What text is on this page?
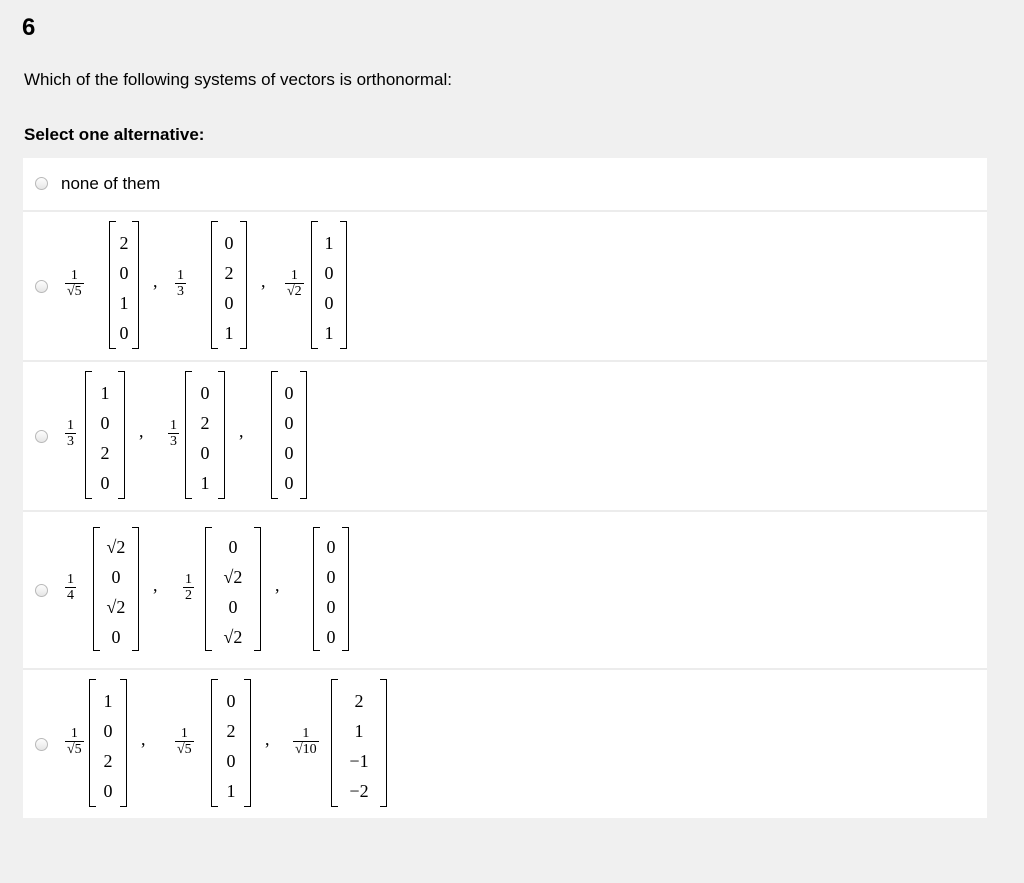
6
Which of the following systems of vectors is orthonormal:
Select one alternative:
none of them
$\frac{1}{√5}$
2
0
1
0
, $\frac{1}{3}$
0
2
0
1
, $\frac{1}{√2}$
1
0
0
1
$\frac{1}{3}$
1
0
2
0
, $\frac{1}{3}$
0
2
0
1
,
0
0
0
0
$\frac{1}{4}$
√2
0
√2
0
, $\frac{1}{2}$
0
√2
0
√2
,
0
0
0
0
$\frac{1}{√5}$
1
0
2
0
, $\frac{1}{√5}$
0
2
0
1
, $\frac{1}{√10}$
2
1
−1
−2
